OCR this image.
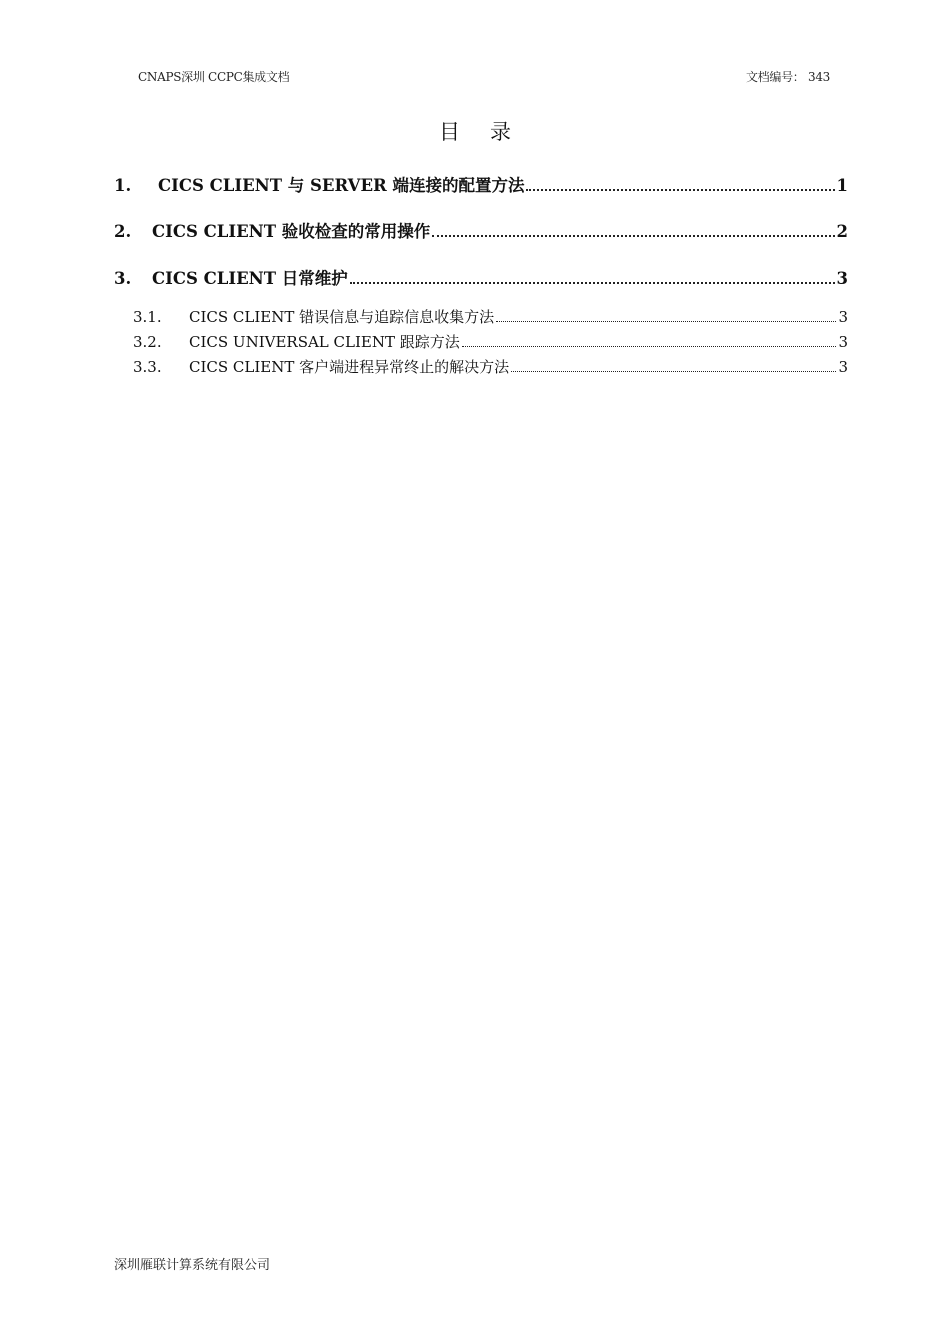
CNAPS深圳 CCPC集成文档	文档编号： 343
目录
1.	CICS CLIENT 与 SERVER 端连接的配置方法	1
2.	CICS CLIENT 验收检查的常用操作	2
3.	CICS CLIENT 日常维护	3
3.1.	CICS CLIENT 错误信息与追踪信息收集方法	3
3.2.	CICS UNIVERSAL CLIENT 跟踪方法	3
3.3.	CICS CLIENT 客户端进程异常终止的解决方法	3
深圳雁联计算系统有限公司
